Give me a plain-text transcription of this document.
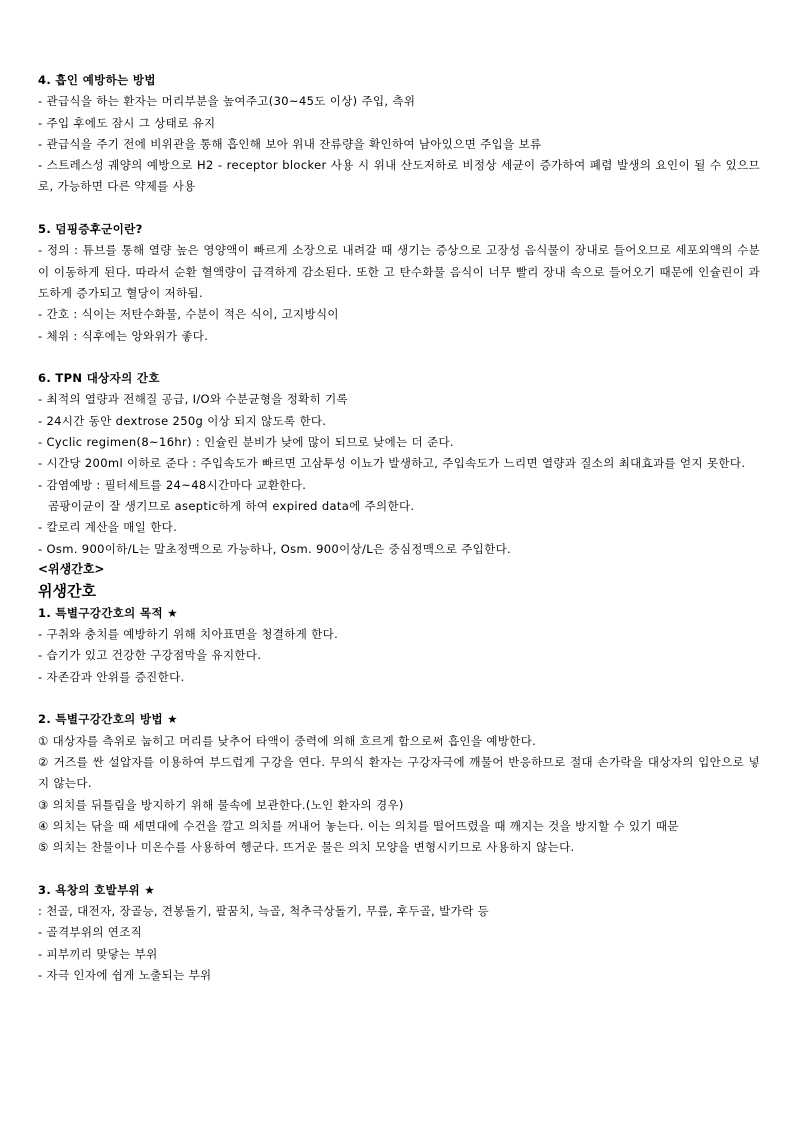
4. 흡인 예방하는 방법
- 관급식을 하는 환자는 머리부분을 높여주고(30~45도 이상) 주입, 측위
- 주입 후에도 잠시 그 상태로 유지
- 관급식을 주기 전에 비위관을 통해 흡인해 보아 위내 잔류량을 확인하여 남아있으면 주입을 보류
- 스트레스성 궤양의 예방으로 H2 - receptor blocker 사용 시 위내 산도저하로 비정상 세균이 증가하여 폐렴 발생의 요인이 될 수 있으므로, 가능하면 다른 약제를 사용
5. 덤핑증후군이란?
- 정의 : 튜브를 통해 열량 높은 영양액이 빠르게 소장으로 내려갈 때 생기는 증상으로 고장성 음식물이 장내로 들어오므로 세포외액의 수분이 이동하게 된다. 따라서 순환 혈액량이 급격하게 감소된다. 또한 고 탄수화물 음식이 너무 빨리 장내 속으로 들어오기 때문에 인슐린이 과도하게 증가되고 혈당이 저하됨.
- 간호 : 식이는 저탄수화물, 수분이 적은 식이, 고지방식이
- 체위 : 식후에는 앙와위가 좋다.
6. TPN 대상자의 간호
- 최적의 열량과 전해질 공급, I/O와 수분균형을 정확히 기록
- 24시간 동안 dextrose 250g 이상 되지 않도록 한다.
- Cyclic regimen(8~16hr) : 인슐린 분비가 낮에 많이 되므로 낮에는 더 준다.
- 시간당 200ml 이하로 준다 : 주입속도가 빠르면 고삼투성 이뇨가 발생하고, 주입속도가 느리면 열량과 질소의 최대효과를 얻지 못한다.
- 감염예방 : 필터세트를 24~48시간마다 교환한다.
곰팡이균이 잘 생기므로 aseptic하게 하여 expired data에 주의한다.
- 칼로리 계산을 매일 한다.
- Osm. 900이하/L는 말초정맥으로 가능하나, Osm. 900이상/L은 중심정맥으로 주입한다.
<위생간호>
위생간호
1. 특별구강간호의 목적 ★
- 구취와 충치를 예방하기 위해 치아표면을 청결하게 한다.
- 습기가 있고 건강한 구강점막을 유지한다.
- 자존감과 안위를 증진한다.
2. 특별구강간호의 방법 ★
① 대상자를 측위로 눕히고 머리를 낮추어 타액이 중력에 의해 흐르게 함으로써 흡인을 예방한다.
② 거즈를 싼 설압자를 이용하여 부드럽게 구강을 연다. 무의식 환자는 구강자극에 깨물어 반응하므로 절대 손가락을 대상자의 입안으로 넣지 않는다.
③ 의치를 뒤틀림을 방지하기 위해 물속에 보관한다.(노인 환자의 경우)
④ 의치는 닦을 때 세면대에 수건을 깔고 의치를 꺼내어 놓는다. 이는 의치를 떨어뜨렸을 때 깨지는 것을 방지할 수 있기 때문
⑤ 의치는 찬물이나 미온수를 사용하여 헹군다. 뜨거운 물은 의치 모양을 변형시키므로 사용하지 않는다.
3. 욕창의 호발부위 ★
: 천골, 대전자, 장골능, 견봉돌기, 팔꿈치, 늑골, 척추극상돌기, 무릎, 후두골, 발가락 등
- 골격부위의 연조직
- 피부끼리 맞닿는 부위
- 자극 인자에 쉽게 노출되는 부위
